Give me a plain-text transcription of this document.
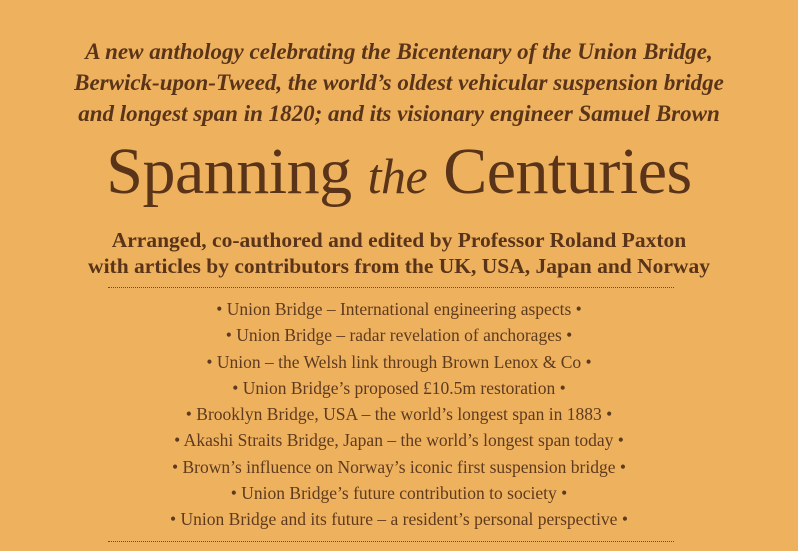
A new anthology celebrating the Bicentenary of the Union Bridge,
Berwick-upon-Tweed, the world’s oldest vehicular suspension bridge
and longest span in 1820; and its visionary engineer Samuel Brown
Spanning the Centuries
Arranged, co-authored and edited by Professor Roland Paxton
with articles by contributors from the UK, USA, Japan and Norway
• Union Bridge – International engineering aspects •
• Union Bridge – radar revelation of anchorages •
• Union – the Welsh link through Brown Lenox & Co •
• Union Bridge’s proposed £10.5m restoration •
• Brooklyn Bridge, USA – the world’s longest span in 1883 •
• Akashi Straits Bridge, Japan – the world’s longest span today •
• Brown’s influence on Norway’s iconic first suspension bridge •
• Union Bridge’s future contribution to society •
• Union Bridge and its future – a resident’s personal perspective •
